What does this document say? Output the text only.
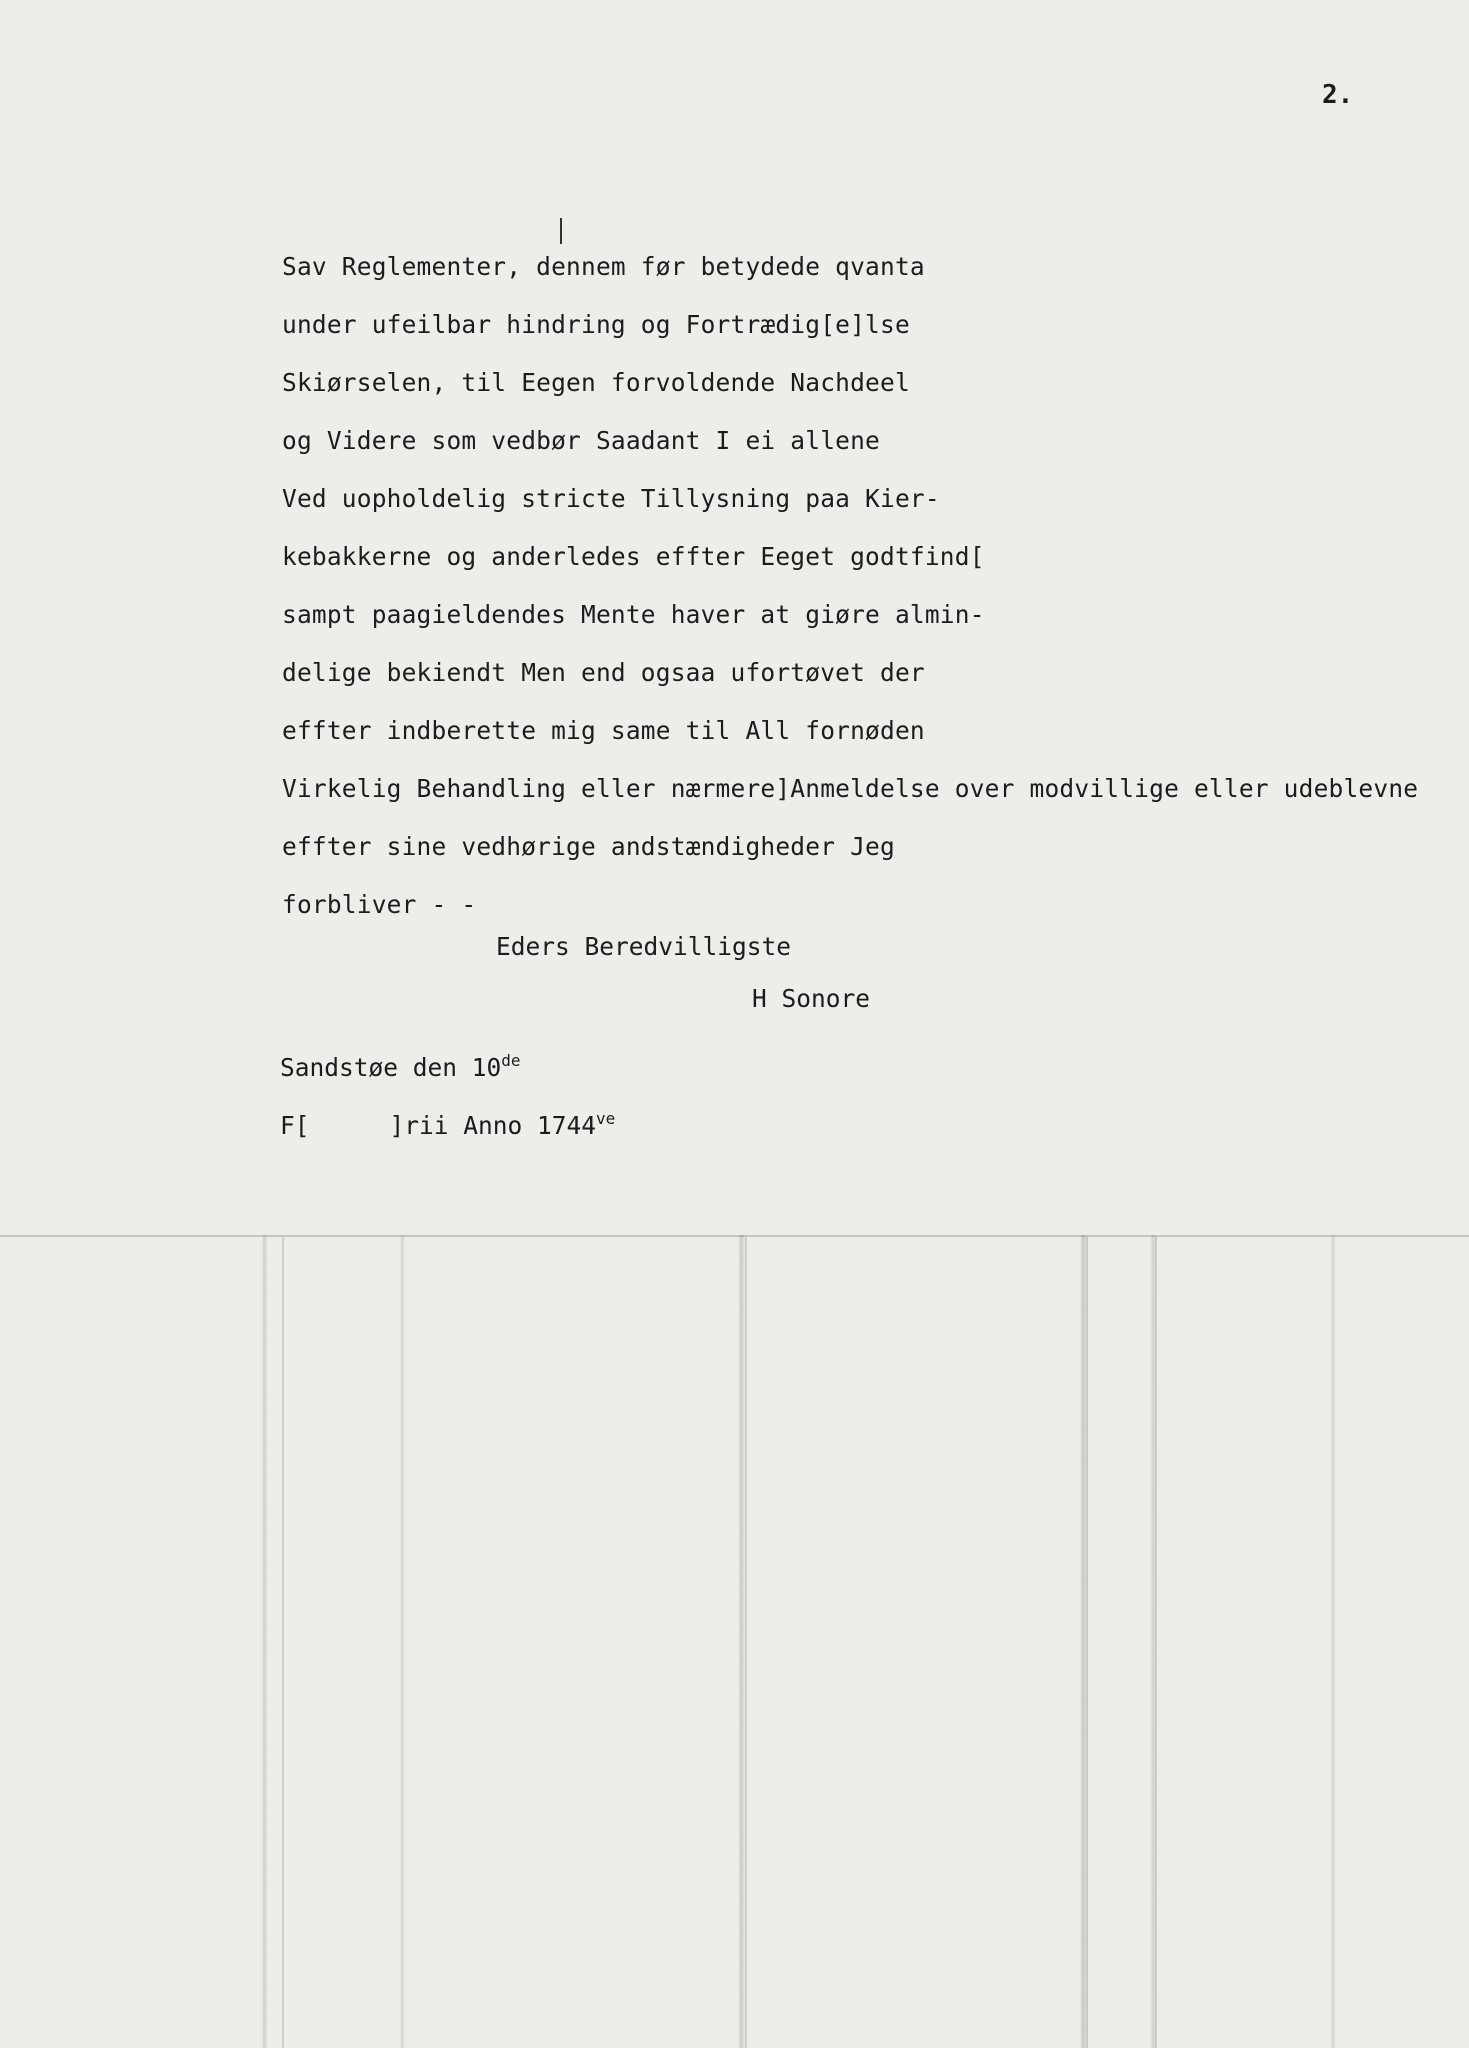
2.
Sav Reglementer, dennem før betydede qvanta
under ufeilbar hindring og Fortrædig[e]lse
Skiørselen, til Eegen forvoldende Nachdeel
og Videre som vedbør Saadant I ei allene
Ved uopholdelig stricte Tillysning paa Kier-
kebakkerne og anderledes effter Eeget godtfind[
sampt paagieldendes Mente haver at giøre almin-
delige bekiendt Men end ogsaa ufortøvet der
effter indberette mig same til All fornøden
Virkelig Behandling eller nærmere]Anmeldelse over modvillige eller udeblevne
effter sine vedhørige andstændigheder Jeg
forbliver - -
Eders Beredvilligste
H Sonore
Sandstøe den 10de
F[	]rii Anno $1744^{ve}$
